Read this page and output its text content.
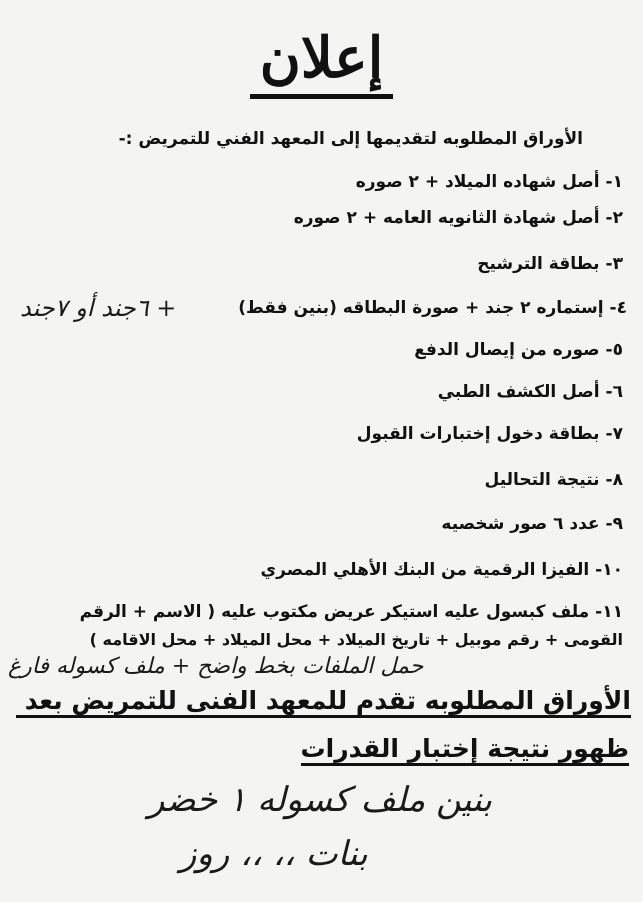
إعلان
الأوراق المطلوبه لتقديمها إلى المعهد الفني للتمريض :-
١-أصل شهاده الميلاد + ٢ صوره
٢-أصل شهادة الثانويه العامه + ٢ صوره
٣-بطاقة الترشيح
٤-إستماره ٢ جند + صورة البطاقه (بنين فقط)
+ ٦جند أو ٧جند
٥-صوره من إيصال الدفع
٦-أصل الكشف الطبي
٧-بطاقة دخول إختبارات القبول
٨-نتيجة التحاليل
٩-عدد ٦ صور شخصيه
١٠-الفيزا الرقمية من البنك الأهلي المصري
١١-ملف كبسول عليه استيكر عريض مكتوب عليه ( الاسم + الرقم
القومى + رقم موبيل + تاريخ الميلاد + محل الميلاد + محل الاقامه )
حمل الملفات بخط واضح + ملف كسوله فارغ
الأوراق المطلوبه تقدم للمعهد الفنى للتمريض بعد
ظهور نتيجة إختبار القدرات
بنين ملف كسوله ١ خضر
بنات ،، ،، روز
